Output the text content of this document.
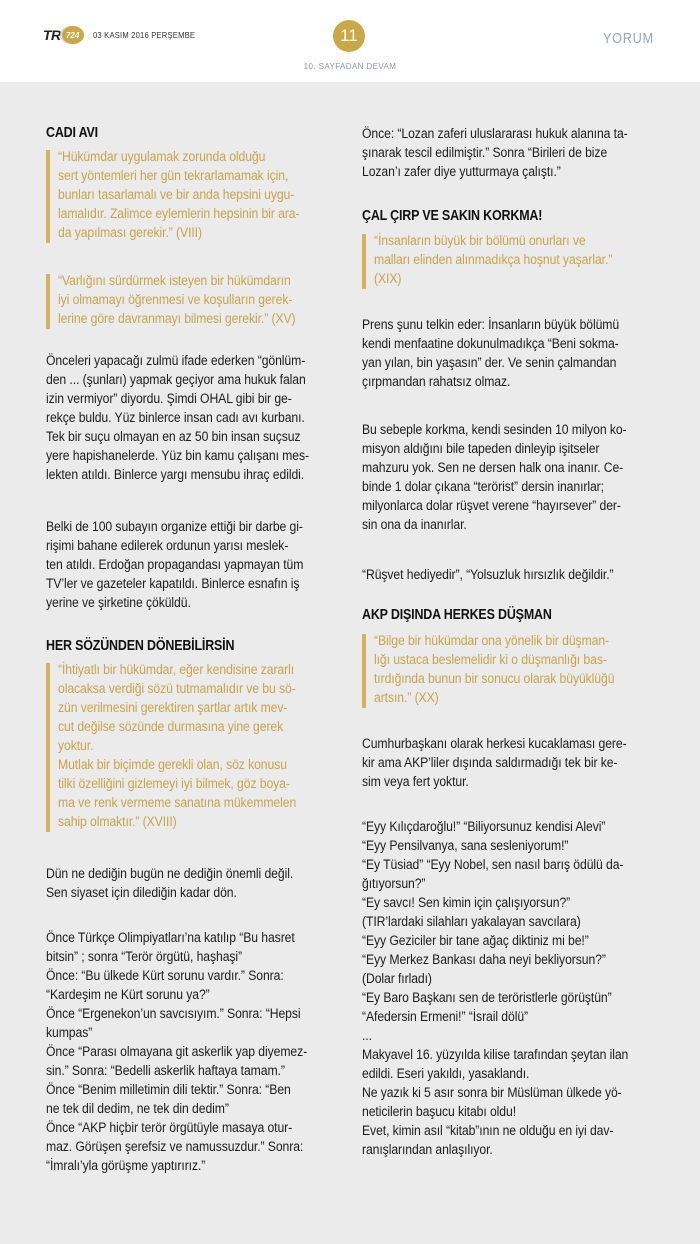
TR 724	03 KASIM 2016 PERŞEMBE	11
10. SAYFADAN DEVAM
YORUM
CADI AVI
“Hükümdar uygulamak zorunda olduğu
sert yöntemleri her gün tekrarlamamak için,
bunları tasarlamalı ve bir anda hepsini uygu-
lamalıdır. Zalimce eylemlerin hepsinin bir ara-
da yapılması gerekir.” (VIII)
“Varlığını sürdürmek isteyen bir hükümdarın
iyi olmamayı öğrenmesi ve koşulların gerek-
lerine göre davranmayı bilmesi gerekir.” (XV)
Önceleri yapacağı zulmü ifade ederken “gönlüm-
den ... (şunları) yapmak geçiyor ama hukuk falan
izin vermiyor” diyordu. Şimdi OHAL gibi bir ge-
rekçe buldu. Yüz binlerce insan cadı avı kurbanı.
Tek bir suçu olmayan en az 50 bin insan suçsuz
yere hapishanelerde. Yüz bin kamu çalışanı mes-
lekten atıldı. Binlerce yargı mensubu ihraç edildi.
Belki de 100 subayın organize ettiği bir darbe gi-
rişimi bahane edilerek ordunun yarısı meslek-
ten atıldı. Erdoğan propagandası yapmayan tüm
TV’ler ve gazeteler kapatıldı. Binlerce esnafın iş
yerine ve şirketine çöküldü.
HER SÖZÜNDEN DÖNEBİLİRSİN
“İhtiyatlı bir hükümdar, eğer kendisine zararlı
olacaksa verdiği sözü tutmamalıdır ve bu sö-
zün verilmesini gerektiren şartlar artık mev-
cut değilse sözünde durmasına yine gerek
yoktur.
Mutlak bir biçimde gerekli olan, söz konusu
tilki özelliğini gizlemeyi iyi bilmek, göz boya-
ma ve renk vermeme sanatına mükemmelen
sahip olmaktır.” (XVIII)
Dün ne dediğin bugün ne dediğin önemli değil.
Sen siyaset için dilediğin kadar dön.
Önce Türkçe Olimpiyatları’na katılıp “Bu hasret
bitsin” ; sonra “Terör örgütü, haşhaşi”
Önce: “Bu ülkede Kürt sorunu vardır.” Sonra:
“Kardeşim ne Kürt sorunu ya?”
Önce “Ergenekon’un savcısıyım.” Sonra: “Hepsi
kumpas”
Önce “Parası olmayana git askerlik yap diyemez-
sin.” Sonra: “Bedelli askerlik haftaya tamam.”
Önce “Benim milletimin dili tektir.” Sonra: “Ben
ne tek dil dedim, ne tek din dedim”
Önce “AKP hiçbir terör örgütüyle masaya otur-
maz. Görüşen şerefsiz ve namussuzdur.” Sonra:
“İmralı’yla görüşme yaptırırız.”
Önce: “Lozan zaferi uluslararası hukuk alanına ta-
şınarak tescil edilmiştir.” Sonra “Birileri de bize
Lozan’ı zafer diye yutturmaya çalıştı.”
ÇAL ÇIRP VE SAKIN KORKMA!
“İnsanların büyük bir bölümü onurları ve
malları elinden alınmadıkça hoşnut yaşarlar.”
(XIX)
Prens şunu telkin eder: İnsanların büyük bölümü
kendi menfaatine dokunulmadıkça “Beni sokma-
yan yılan, bin yaşasın” der. Ve senin çalmandan
çırpmandan rahatsız olmaz.
Bu sebeple korkma, kendi sesinden 10 milyon ko-
misyon aldığını bile tapeden dinleyip işitseler
mahzuru yok. Sen ne dersen halk ona inanır. Ce-
binde 1 dolar çıkana “terörist” dersin inanırlar;
milyonlarca dolar rüşvet verene “hayırsever” der-
sin ona da inanırlar.
“Rüşvet hediyedir”, “Yolsuzluk hırsızlık değildir.”
AKP DIŞINDA HERKES DÜŞMAN
“Bilge bir hükümdar ona yönelik bir düşman-
lığı ustaca beslemelidir ki o düşmanlığı bas-
tırdığında bunun bir sonucu olarak büyüklüğü
artsın.” (XX)
Cumhurbaşkanı olarak herkesi kucaklaması gere-
kir ama AKP’liler dışında saldırmadığı tek bir ke-
sim veya fert yoktur.
“Eyy Kılıçdaroğlu!” “Biliyorsunuz kendisi Alevi”
“Eyy Pensilvanya, sana sesleniyorum!”
“Ey Tüsiad” “Eyy Nobel, sen nasıl barış ödülü da-
ğıtıyorsun?”
“Ey savcı! Sen kimin için çalışıyorsun?”
(TIR’lardaki silahları yakalayan savcılara)
“Eyy Geziciler bir tane ağaç diktiniz mi be!”
“Eyy Merkez Bankası daha neyi bekliyorsun?”
(Dolar fırladı)
“Ey Baro Başkanı sen de teröristlerle görüştün”
“Afedersin Ermeni!” “İsrail dölü”
...
Makyavel 16. yüzyılda kilise tarafından şeytan ilan
edildi. Eseri yakıldı, yasaklandı.
Ne yazık ki 5 asır sonra bir Müslüman ülkede yö-
neticilerin başucu kitabı oldu!
Evet, kimin asıl “kitab”ının ne olduğu en iyi dav-
ranışlarından anlaşılıyor.
